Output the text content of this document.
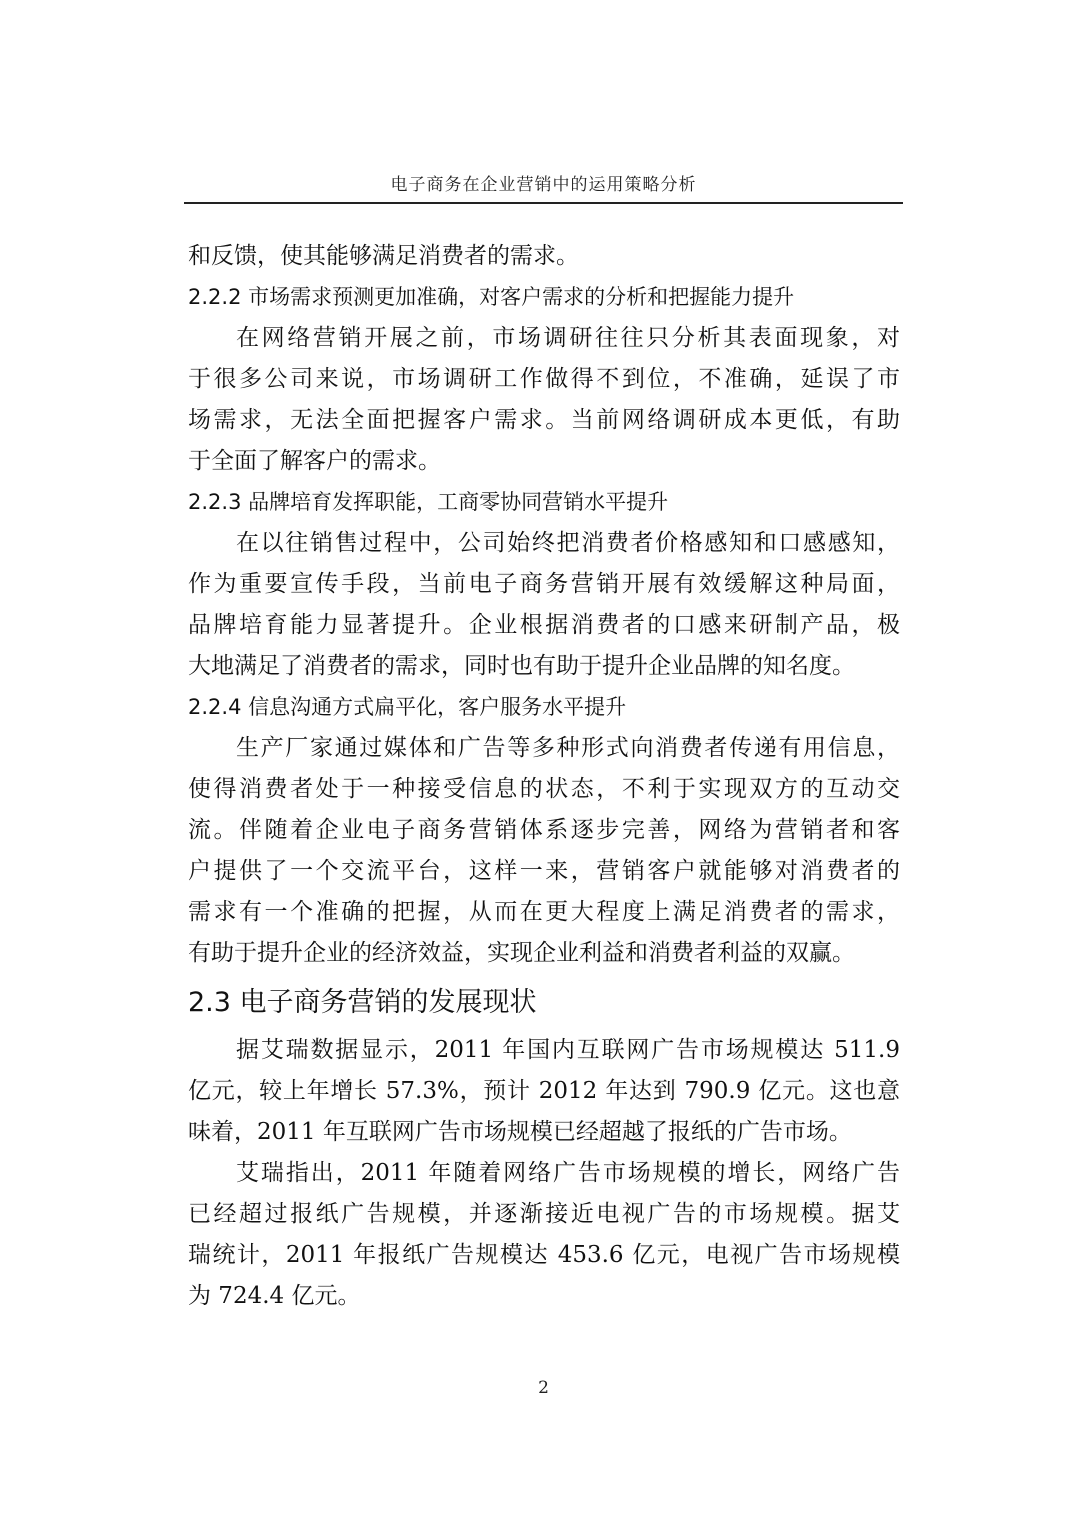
电子商务在企业营销中的运用策略分析
和反馈，使其能够满足消费者的需求。
2.2.2 市场需求预测更加准确，对客户需求的分析和把握能力提升
在网络营销开展之前，市场调研往往只分析其表面现象，对
于很多公司来说，市场调研工作做得不到位，不准确，延误了市
场需求，无法全面把握客户需求。当前网络调研成本更低，有助
于全面了解客户的需求。
2.2.3 品牌培育发挥职能，工商零协同营销水平提升
在以往销售过程中，公司始终把消费者价格感知和口感感知，
作为重要宣传手段，当前电子商务营销开展有效缓解这种局面，
品牌培育能力显著提升。企业根据消费者的口感来研制产品，极
大地满足了消费者的需求，同时也有助于提升企业品牌的知名度。
2.2.4 信息沟通方式扁平化，客户服务水平提升
生产厂家通过媒体和广告等多种形式向消费者传递有用信息，
使得消费者处于一种接受信息的状态，不利于实现双方的互动交
流。伴随着企业电子商务营销体系逐步完善，网络为营销者和客
户提供了一个交流平台，这样一来，营销客户就能够对消费者的
需求有一个准确的把握，从而在更大程度上满足消费者的需求，
有助于提升企业的经济效益，实现企业利益和消费者利益的双赢。
2.3 电子商务营销的发展现状
据艾瑞数据显示，2011 年国内互联网广告市场规模达 511.9
亿元，较上年增长 57.3%，预计 2012 年达到 790.9 亿元。这也意
味着，2011 年互联网广告市场规模已经超越了报纸的广告市场。
艾瑞指出，2011 年随着网络广告市场规模的增长，网络广告
已经超过报纸广告规模，并逐渐接近电视广告的市场规模。据艾
瑞统计，2011 年报纸广告规模达 453.6 亿元，电视广告市场规模
为 724.4 亿元。
2
